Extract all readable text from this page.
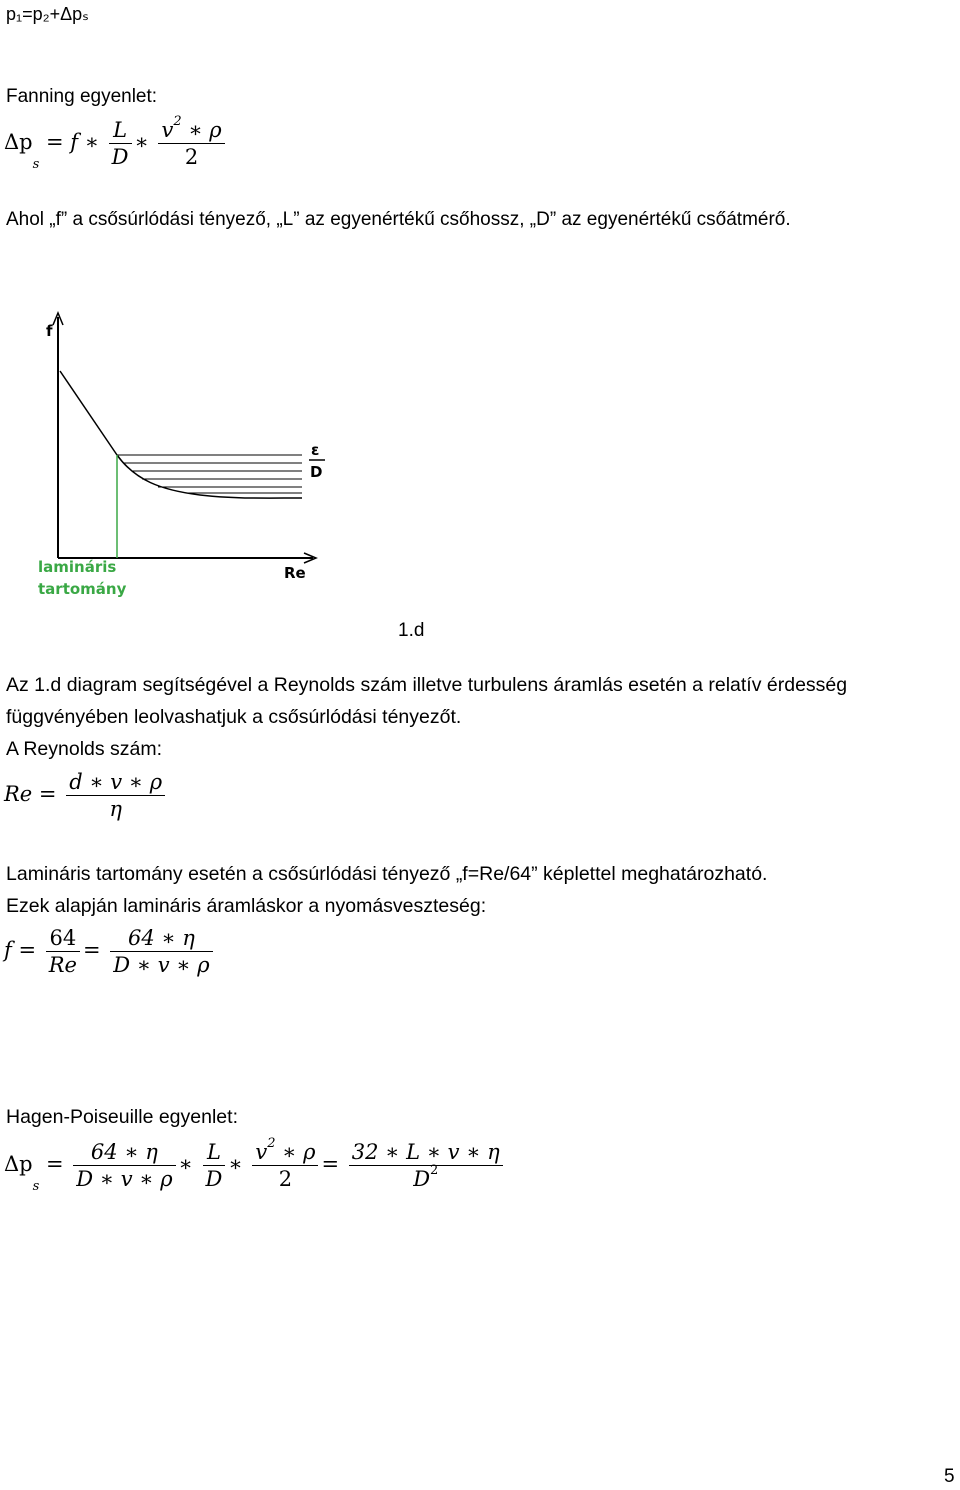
p₁=p₂+Δpₛ
Fanning egyenlet:
Δps = f ∗ $\frac{L}{D}$ ∗ $\frac{v^2 ∗ \rho}{2}$
Ahol „f” a csősúrlódási tényező, „L” az egyenértékű csőhossz, „D” az egyenértékű csőátmérő.
f
Re
ε
D
lamináris
tartomány
1.d
Az 1.d diagram segítségével a Reynolds szám illetve turbulens áramlás esetén a relatív érdesség
függvényében leolvashatjuk a csősúrlódási tényezőt.
A Reynolds szám:
$Re = \frac{d ∗ v ∗ \rho}{\eta}$
Lamináris tartomány esetén a csősúrlódási tényező „f=Re/64” képlettel meghatározható.
Ezek alapján lamináris áramláskor a nyomásveszteség:
$f = \frac{64}{Re} = \frac{64 ∗ \eta}{D ∗ v ∗ \rho}$
Hagen-Poiseuille egyenlet:
$\Delta ps = \frac{64 ∗ \eta}{D ∗ v ∗ \rho}$ ∗ $\frac{L}{D}$ ∗ $\frac{v^2 ∗ \rho}{2} = \frac{32 ∗ L ∗ v ∗ \eta}{D^2}$
5
